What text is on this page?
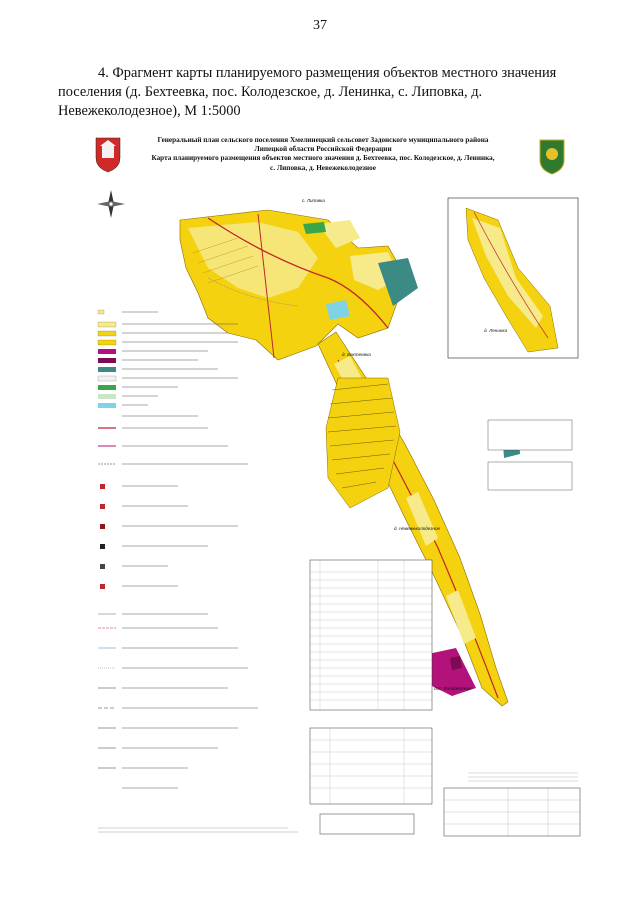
37
4. Фрагмент карты планируемого размещения объектов местного значения поселения (д. Бехтеевка, пос. Колодезское, д. Ленинка, с. Липовка, д. Невежеколодезное), М 1:5000
Генеральный план сельского поселения Хмелинецкий сельсовет Задонского муниципального района
Липецкой области Российской Федерации
Карта планируемого размещения объектов местного значения д. Бехтеевка, пос. Колодезское, д. Ленинка,
с. Липовка, д. Невежеколодезное
с. Липовка
д. Бехтеевка
д. Ленинка
д. Невежеколодезное
пос. Колодезское
